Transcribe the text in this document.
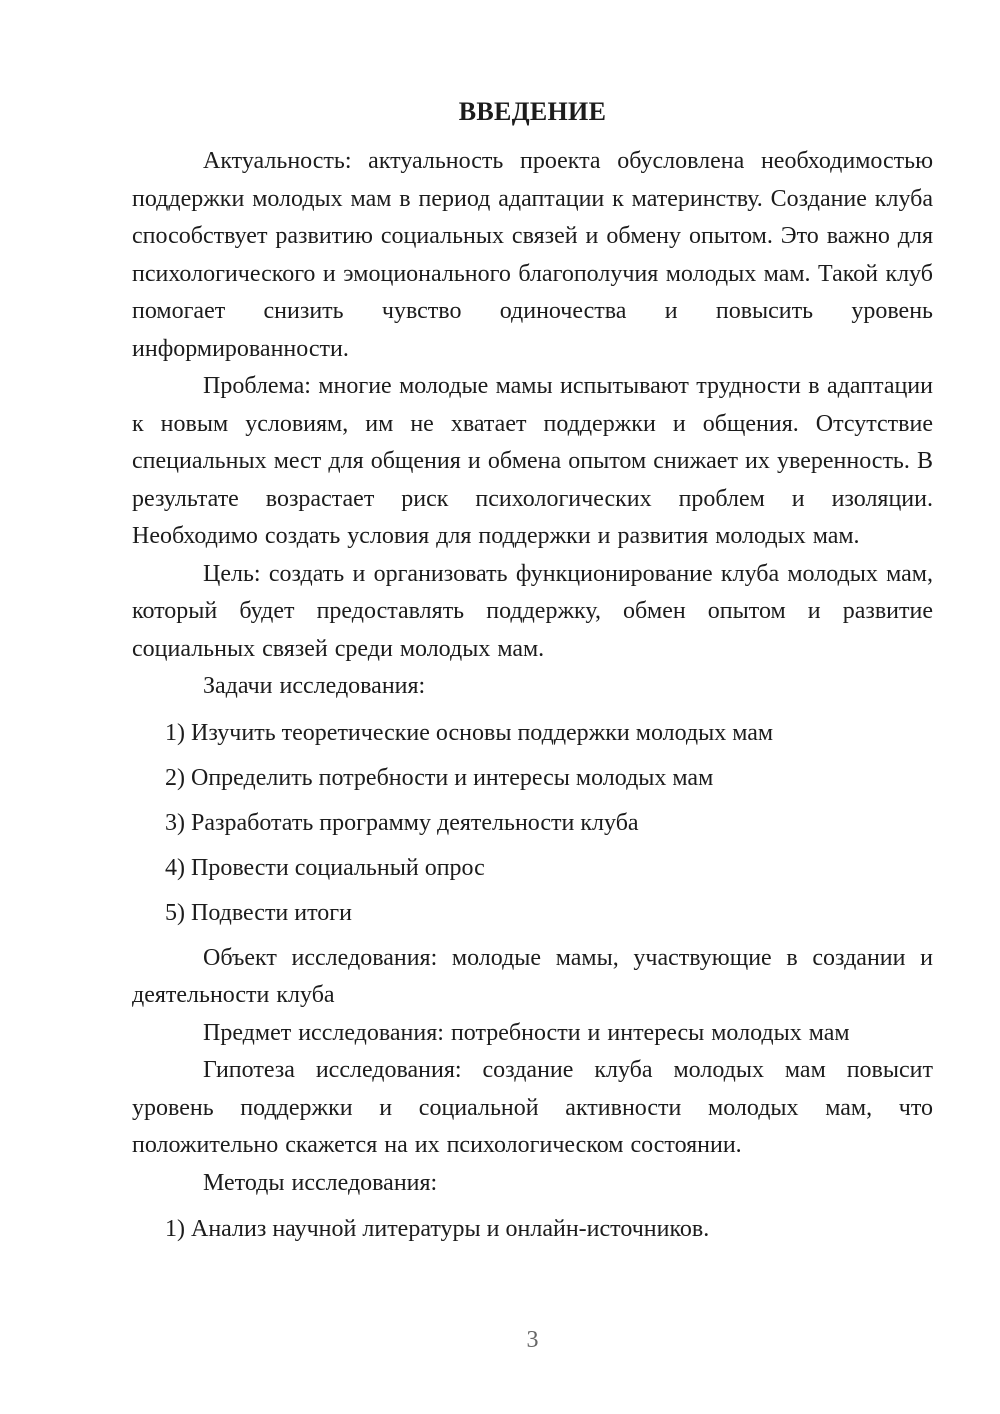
ВВЕДЕНИЕ

Актуальность: актуальность проекта обусловлена необходимостью поддержки молодых мам в период адаптации к материнству. Создание клуба способствует развитию социальных связей и обмену опытом. Это важно для психологического и эмоционального благополучия молодых мам. Такой клуб помогает снизить чувство одиночества и повысить уровень информированности.

Проблема: многие молодые мамы испытывают трудности в адаптации к новым условиям, им не хватает поддержки и общения. Отсутствие специальных мест для общения и обмена опытом снижает их уверенность. В результате возрастает риск психологических проблем и изоляции. Необходимо создать условия для поддержки и развития молодых мам.

Цель: создать и организовать функционирование клуба молодых мам, который будет предоставлять поддержку, обмен опытом и развитие социальных связей среди молодых мам.

Задачи исследования:

1) Изучить теоретические основы поддержки молодых мам
2) Определить потребности и интересы молодых мам
3) Разработать программу деятельности клуба
4) Провести социальный опрос
5) Подвести итоги

Объект исследования: молодые мамы, участвующие в создании и деятельности клуба

Предмет исследования: потребности и интересы молодых мам

Гипотеза исследования: создание клуба молодых мам повысит уровень поддержки и социальной активности молодых мам, что положительно скажется на их психологическом состоянии.

Методы исследования:

1) Анализ научной литературы и онлайн-источников.
3
